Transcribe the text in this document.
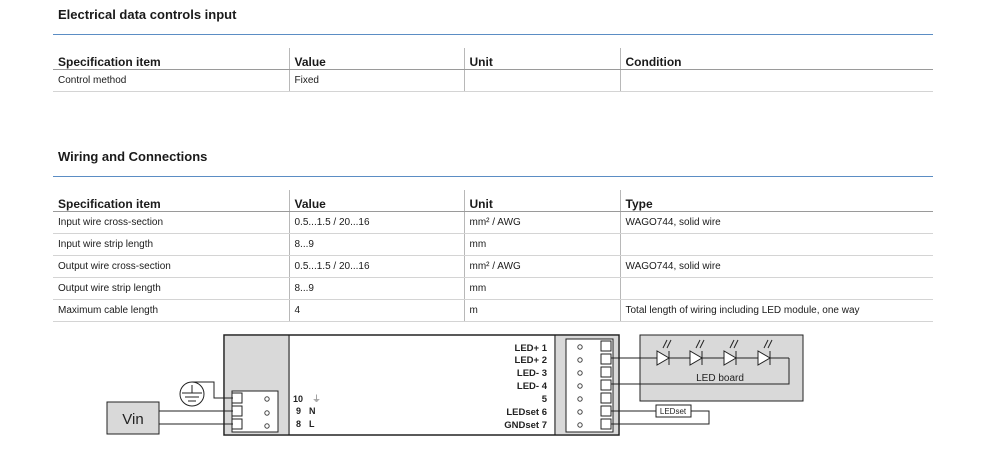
Electrical data controls input
Specification item	Value	Unit	Condition
Control method	Fixed		
Wiring and Connections
Specification item	Value	Unit	Type
Input wire cross-section	0.5...1.5 / 20...16	mm² / AWG	WAGO744, solid wire
Input wire strip length	8...9	mm	
Output wire cross-section	0.5...1.5 / 20...16	mm² / AWG	WAGO744, solid wire
Output wire strip length	8...9	mm	
Maximum cable length	4	m	Total length of wiring including LED module, one way
Vin
10
9
8
⏚
N
L
LED+ 1
LED+ 2
LED- 3
LED- 4
5
LEDset 6
GNDset 7
LED board
LEDset
